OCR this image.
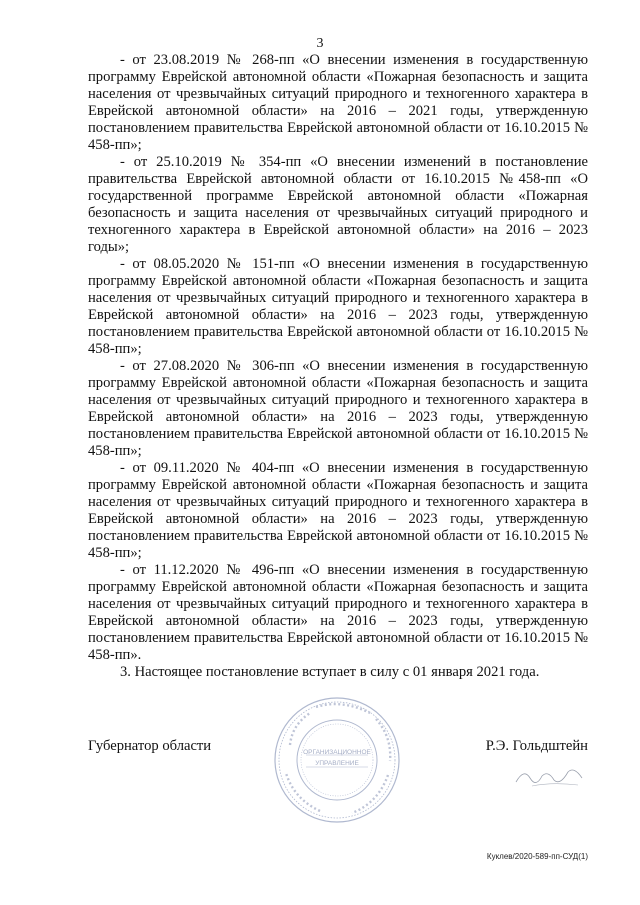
3

- от 23.08.2019 № 268-пп «О внесении изменения в государственную программу Еврейской автономной области «Пожарная безопасность и защита населения от чрезвычайных ситуаций природного и техногенного характера в Еврейской автономной области» на 2016 – 2021 годы, утвержденную постановлением правительства Еврейской автономной области от 16.10.2015 № 458-пп»;

- от 25.10.2019 № 354-пп «О внесении изменений в постановление правительства Еврейской автономной области от 16.10.2015 №458-пп «О государственной программе Еврейской автономной области «Пожарная безопасность и защита населения от чрезвычайных ситуаций природного и техногенного характера в Еврейской автономной области» на 2016 – 2023 годы»;

- от 08.05.2020 № 151-пп «О внесении изменения в государственную программу Еврейской автономной области «Пожарная безопасность и защита населения от чрезвычайных ситуаций природного и техногенного характера в Еврейской автономной области» на 2016 – 2023 годы, утвержденную постановлением правительства Еврейской автономной области от 16.10.2015 № 458-пп»;

- от 27.08.2020 № 306-пп «О внесении изменения в государственную программу Еврейской автономной области «Пожарная безопасность и защита населения от чрезвычайных ситуаций природного и техногенного характера в Еврейской автономной области» на 2016 – 2023 годы, утвержденную постановлением правительства Еврейской автономной области от 16.10.2015 № 458-пп»;

- от 09.11.2020 № 404-пп «О внесении изменения в государственную программу Еврейской автономной области «Пожарная безопасность и защита населения от чрезвычайных ситуаций природного и техногенного характера в Еврейской автономной области» на 2016 – 2023 годы, утвержденную постановлением правительства Еврейской автономной области от 16.10.2015 № 458-пп»;

- от 11.12.2020 № 496-пп «О внесении изменения в государственную программу Еврейской автономной области «Пожарная безопасность и защита населения от чрезвычайных ситуаций природного и техногенного характера в Еврейской автономной области» на 2016 – 2023 годы, утвержденную постановлением правительства Еврейской автономной области от 16.10.2015 № 458-пп».

3. Настоящее постановление вступает в силу с 01 января 2021 года.

ОРГАНИЗАЦИОННОЕ
УПРАВЛЕНИЕ
Губернатор области	Р.Э. Гольдштейн
Куклев/2020-589-пп-СУД(1)
